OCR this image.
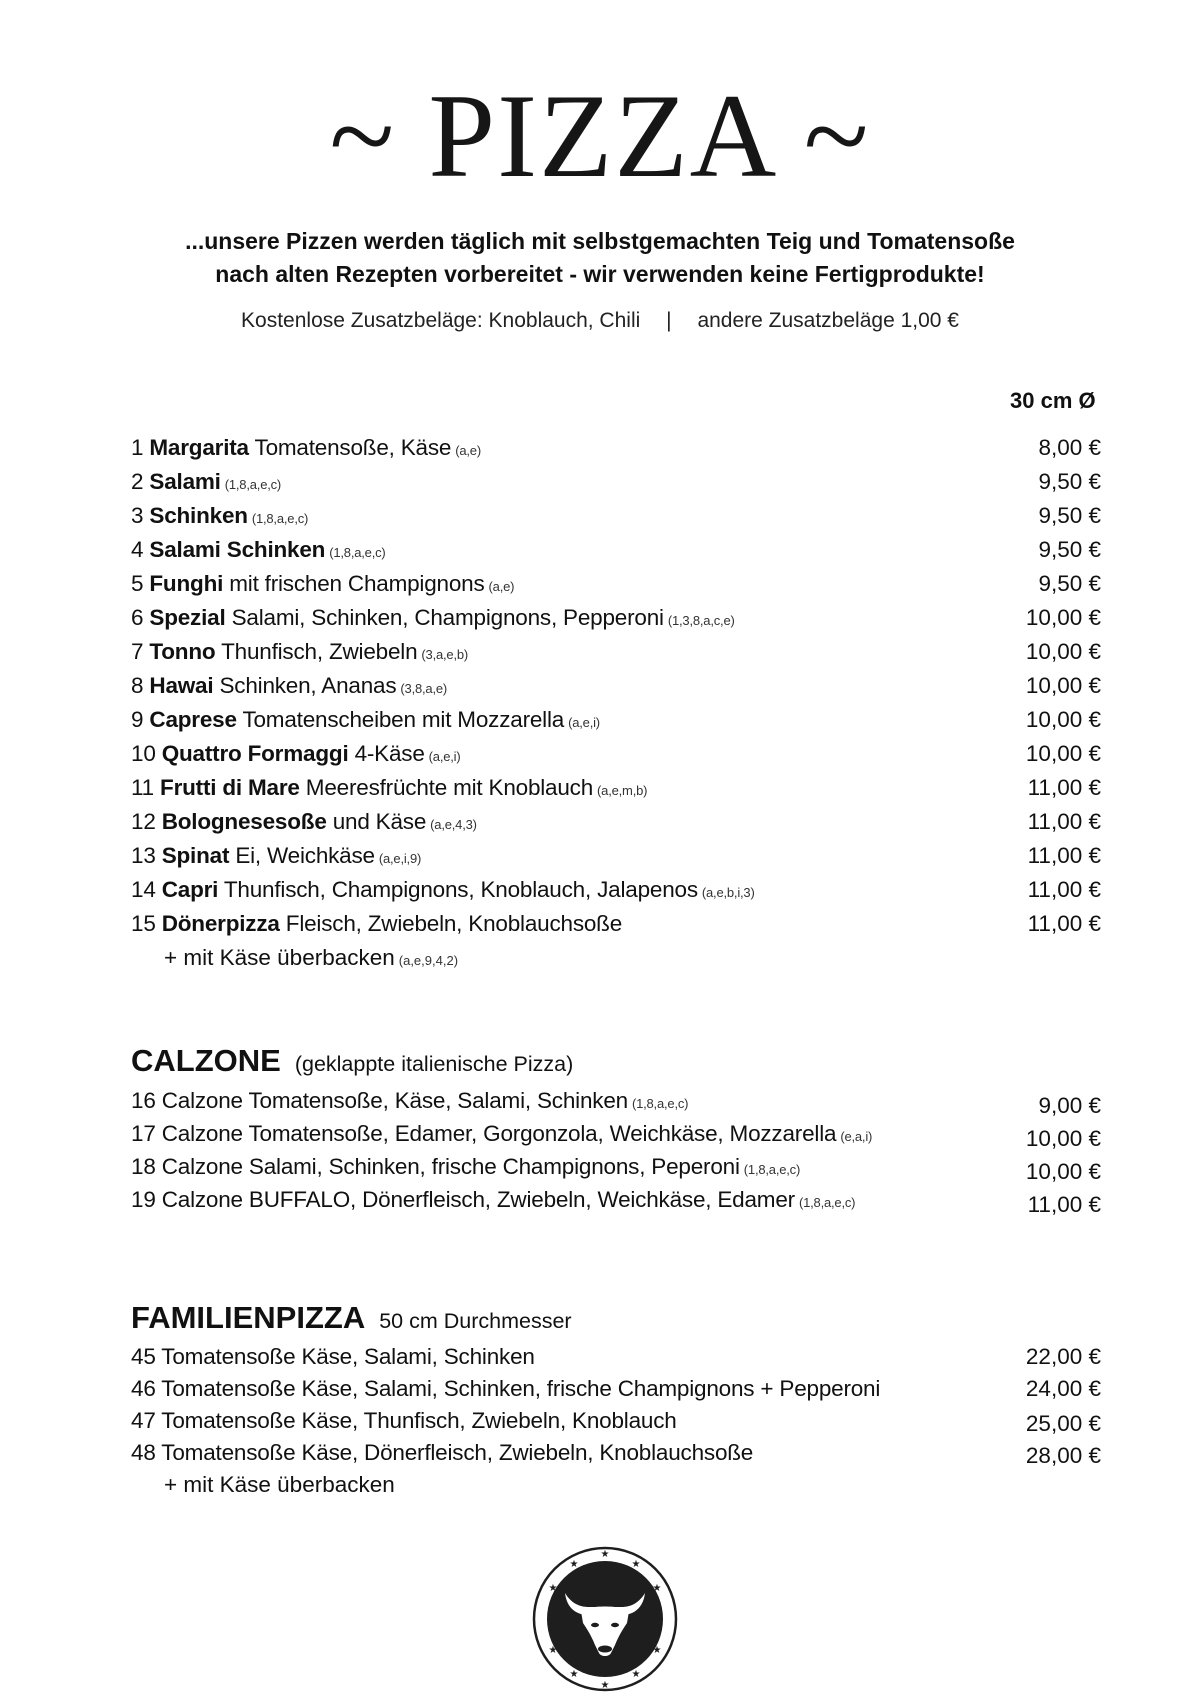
~ PIZZA ~
...unsere Pizzen werden täglich mit selbstgemachten Teig und Tomatensoße
nach alten Rezepten vorbereitet - wir verwenden keine Fertigprodukte!
Kostenlose Zusatzbeläge: Knoblauch, Chili | andere Zusatzbeläge 1,00 €
30 cm Ø
1 Margarita Tomatensoße, Käse (a,e)	8,00 €
2 Salami (1,8,a,e,c)	9,50 €
3 Schinken (1,8,a,e,c)	9,50 €
4 Salami Schinken (1,8,a,e,c)	9,50 €
5 Funghi mit frischen Champignons (a,e)	9,50 €
6 Spezial Salami, Schinken, Champignons, Pepperoni (1,3,8,a,c,e)	10,00 €
7 Tonno Thunfisch, Zwiebeln (3,a,e,b)	10,00 €
8 Hawai Schinken, Ananas (3,8,a,e)	10,00 €
9 Caprese Tomatenscheiben mit Mozzarella (a,e,i)	10,00 €
10 Quattro Formaggi 4-Käse (a,e,i)	10,00 €
11 Frutti di Mare Meeresfrüchte mit Knoblauch (a,e,m,b)	11,00 €
12 Bolognesesoße und Käse (a,e,4,3)	11,00 €
13 Spinat Ei, Weichkäse (a,e,i,9)	11,00 €
14 Capri Thunfisch, Champignons, Knoblauch, Jalapenos (a,e,b,i,3)	11,00 €
15 Dönerpizza Fleisch, Zwiebeln, Knoblauchsoße	11,00 €
+ mit Käse überbacken (a,e,9,4,2)
CALZONE (geklappte italienische Pizza)
16 Calzone Tomatensoße, Käse, Salami, Schinken (1,8,a,e,c)	9,00 €
17 Calzone Tomatensoße, Edamer, Gorgonzola, Weichkäse, Mozzarella (e,a,i)	10,00 €
18 Calzone Salami, Schinken, frische Champignons, Peperoni (1,8,a,e,c)	10,00 €
19 Calzone BUFFALO, Dönerfleisch, Zwiebeln, Weichkäse, Edamer (1,8,a,e,c)	11,00 €
FAMILIENPIZZA 50 cm Durchmesser
45 Tomatensoße Käse, Salami, Schinken	22,00 €
46 Tomatensoße Käse, Salami, Schinken, frische Champignons + Pepperoni	24,00 €
47 Tomatensoße Käse, Thunfisch, Zwiebeln, Knoblauch	25,00 €
48 Tomatensoße Käse, Dönerfleisch, Zwiebeln, Knoblauchsoße	28,00 €
+ mit Käse überbacken
★
★	★
★	★
★	★
★	★
★
